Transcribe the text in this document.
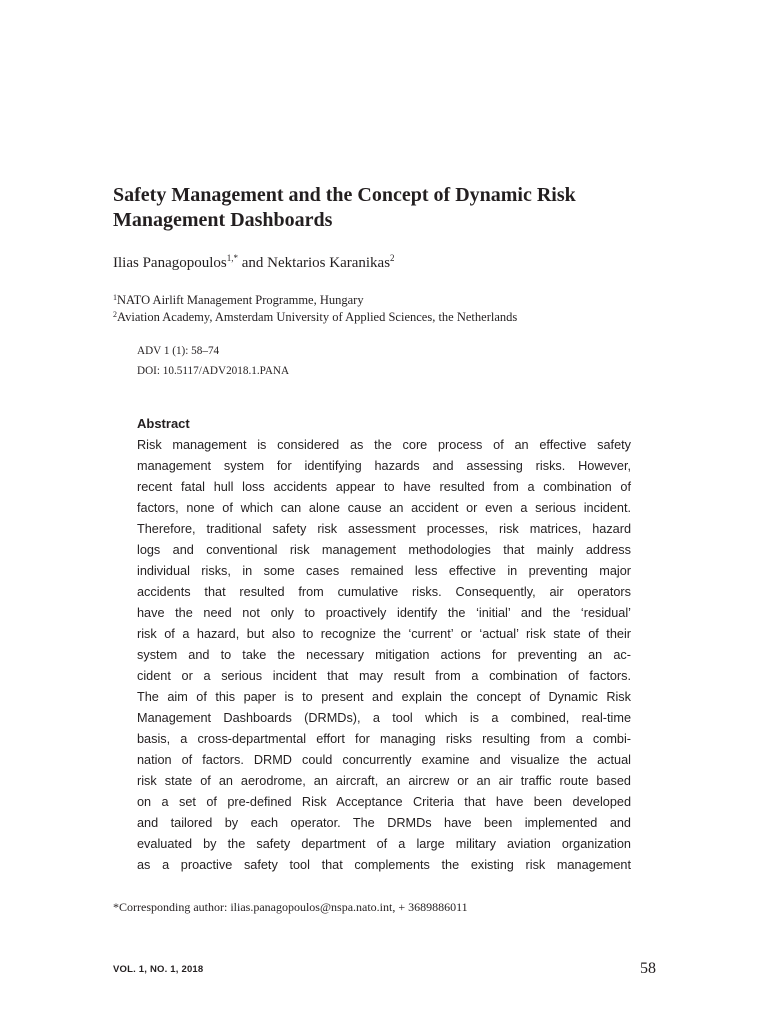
Safety Management and the Concept of Dynamic Risk Management Dashboards
Ilias Panagopoulos$^{1,*}$ and Nektarios Karanikas$^2$
$^1$NATO Airlift Management Programme, Hungary
$^2$Aviation Academy, Amsterdam University of Applied Sciences, the Netherlands
ADV 1 (1): 58–74
DOI: 10.5117/ADV2018.1.PANA
Abstract
Risk management is considered as the core process of an effective safety
management system for identifying hazards and assessing risks. However,
recent fatal hull loss accidents appear to have resulted from a combination of
factors, none of which can alone cause an accident or even a serious incident.
Therefore, traditional safety risk assessment processes, risk matrices, hazard
logs and conventional risk management methodologies that mainly address
individual risks, in some cases remained less effective in preventing major
accidents that resulted from cumulative risks. Consequently, air operators
have the need not only to proactively identify the ‘initial’ and the ‘residual’
risk of a hazard, but also to recognize the ‘current’ or ‘actual’ risk state of their
system and to take the necessary mitigation actions for preventing an ac-
cident or a serious incident that may result from a combination of factors.
The aim of this paper is to present and explain the concept of Dynamic Risk
Management Dashboards (DRMDs), a tool which is a combined, real-time
basis, a cross-departmental effort for managing risks resulting from a combi-
nation of factors. DRMD could concurrently examine and visualize the actual
risk state of an aerodrome, an aircraft, an aircrew or an air traffic route based
on a set of pre-defined Risk Acceptance Criteria that have been developed
and tailored by each operator. The DRMDs have been implemented and
evaluated by the safety department of a large military aviation organization
as a proactive safety tool that complements the existing risk management
*Corresponding author: ilias.panagopoulos@nspa.nato.int, + 3689886011
VOL. 1, NO. 1, 2018	58
